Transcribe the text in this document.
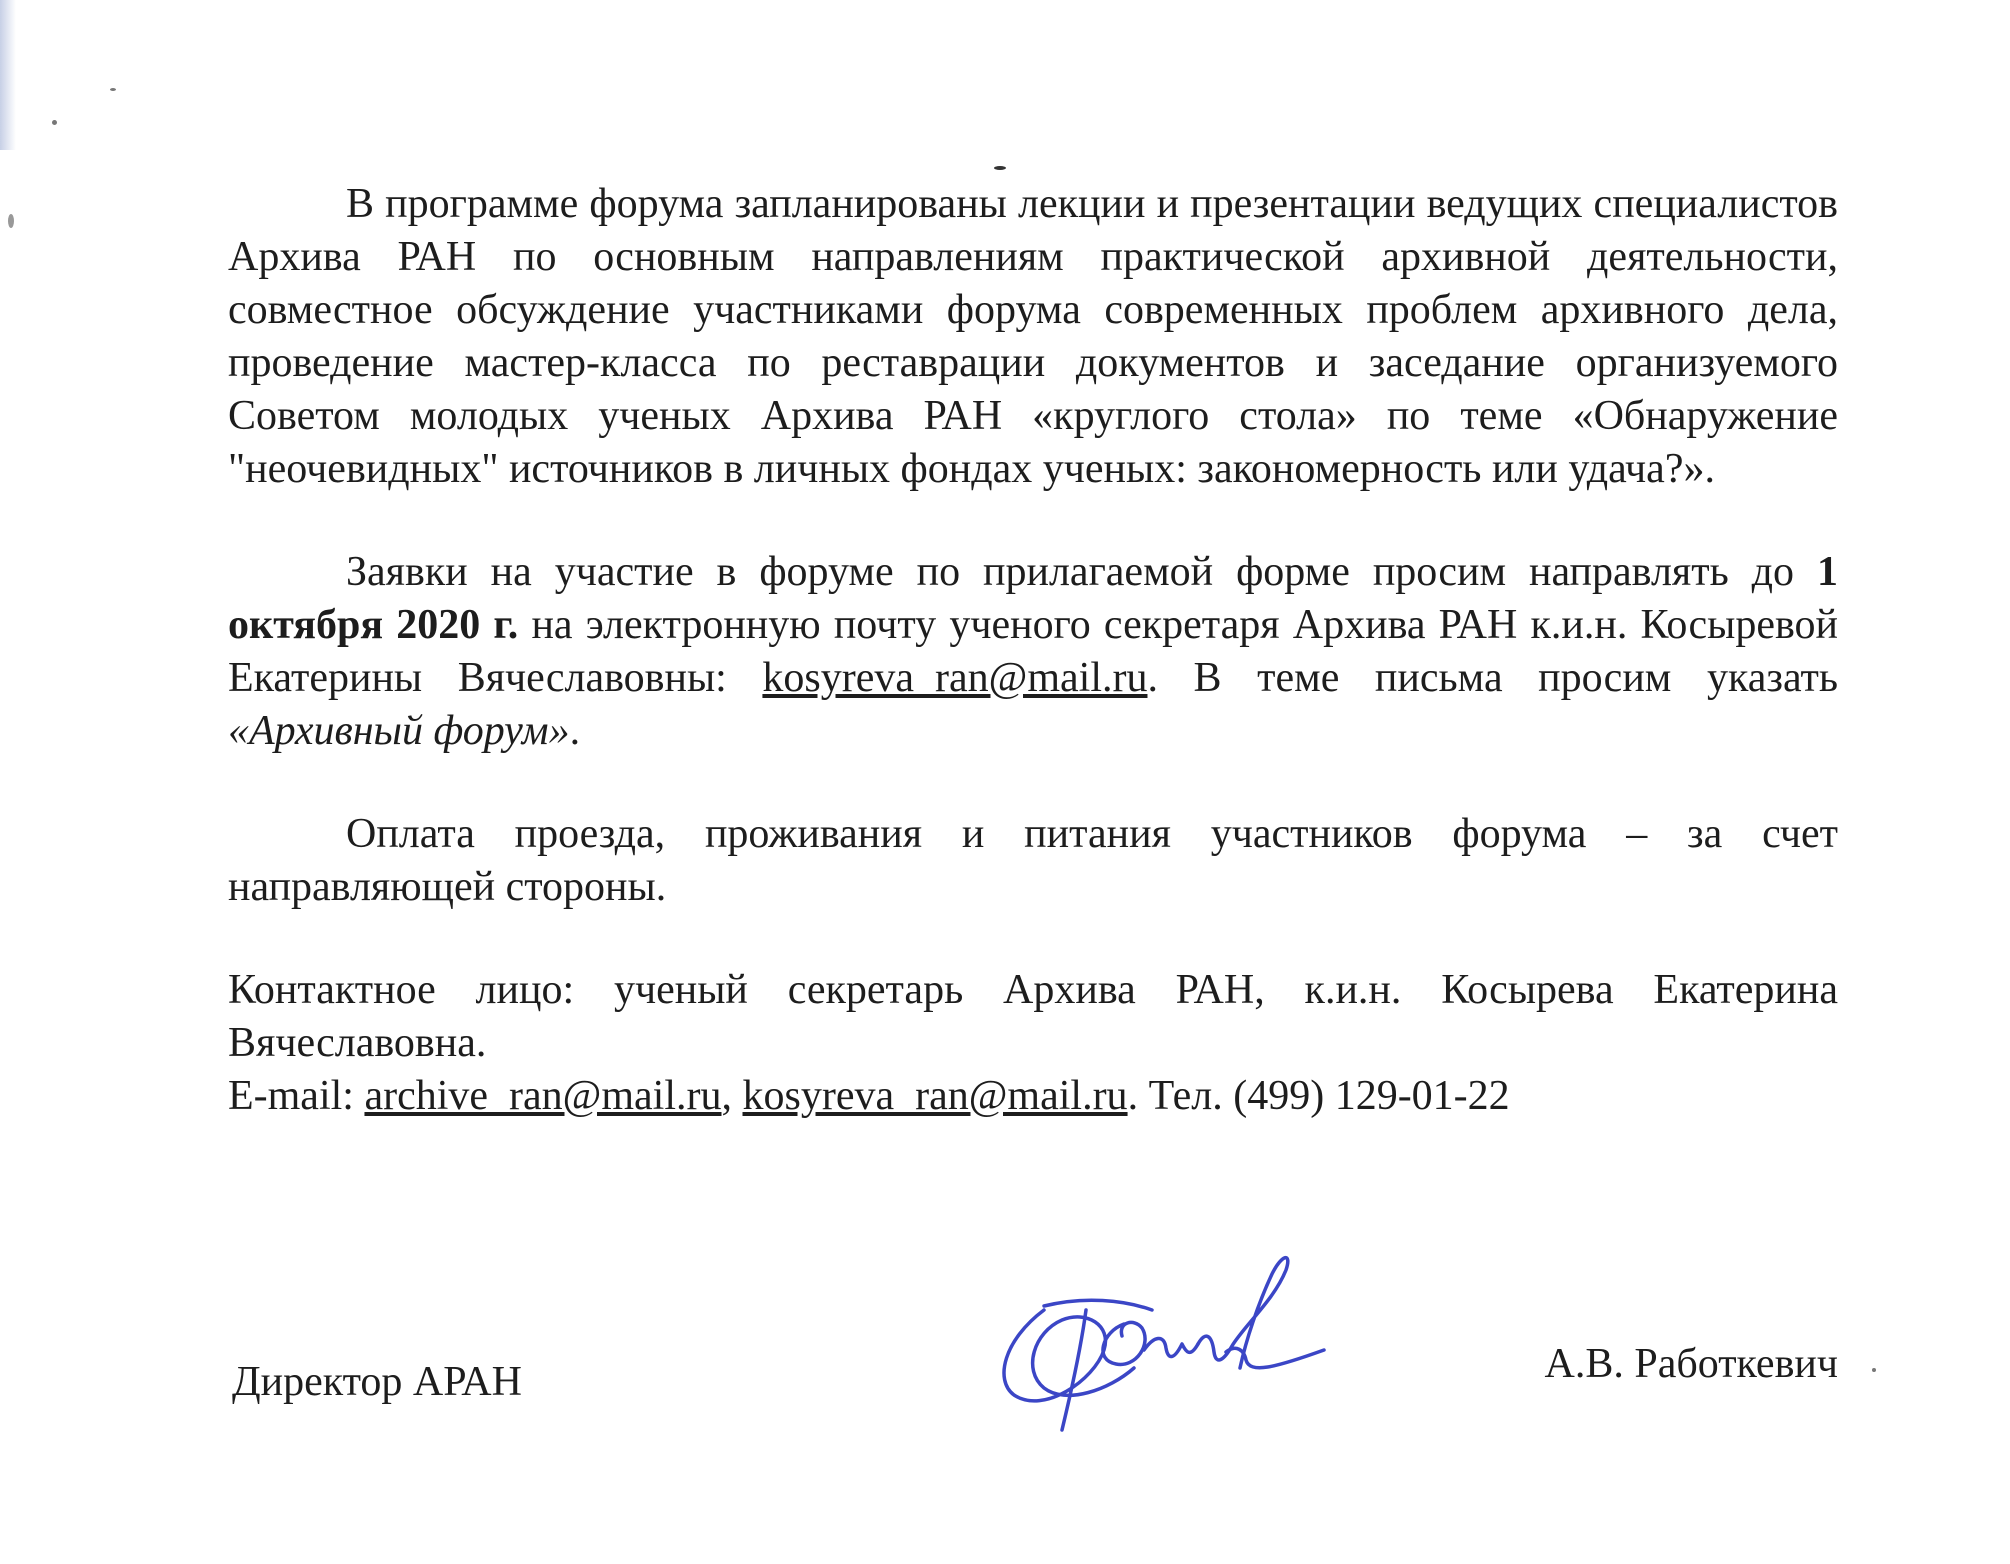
В программе форума запланированы лекции и презентации ведущих специалистов Архива РАН по основным направлениям практической архивной деятельности, совместное обсуждение участниками форума современных проблем архивного дела, проведение мастер-класса по реставрации документов и заседание организуемого Советом молодых ученых Архива РАН «круглого стола» по теме «Обнаружение "неочевидных" источников в личных фондах ученых: закономерность или удача?».

Заявки на участие в форуме по прилагаемой форме просим направлять до 1 октября 2020 г. на электронную почту ученого секретаря Архива РАН к.и.н. Косыревой Екатерины Вячеславовны: kosyreva_ran@mail.ru. В теме письма просим указать «Архивный форум».

Оплата проезда, проживания и питания участников форума – за счет направляющей стороны.

Контактное лицо: ученый секретарь Архива РАН, к.и.н. Косырева Екатерина Вячеславовна.

E-mail: archive_ran@mail.ru, kosyreva_ran@mail.ru. Тел. (499) 129-01-22

Директор АРАН	А.В. Работкевич
